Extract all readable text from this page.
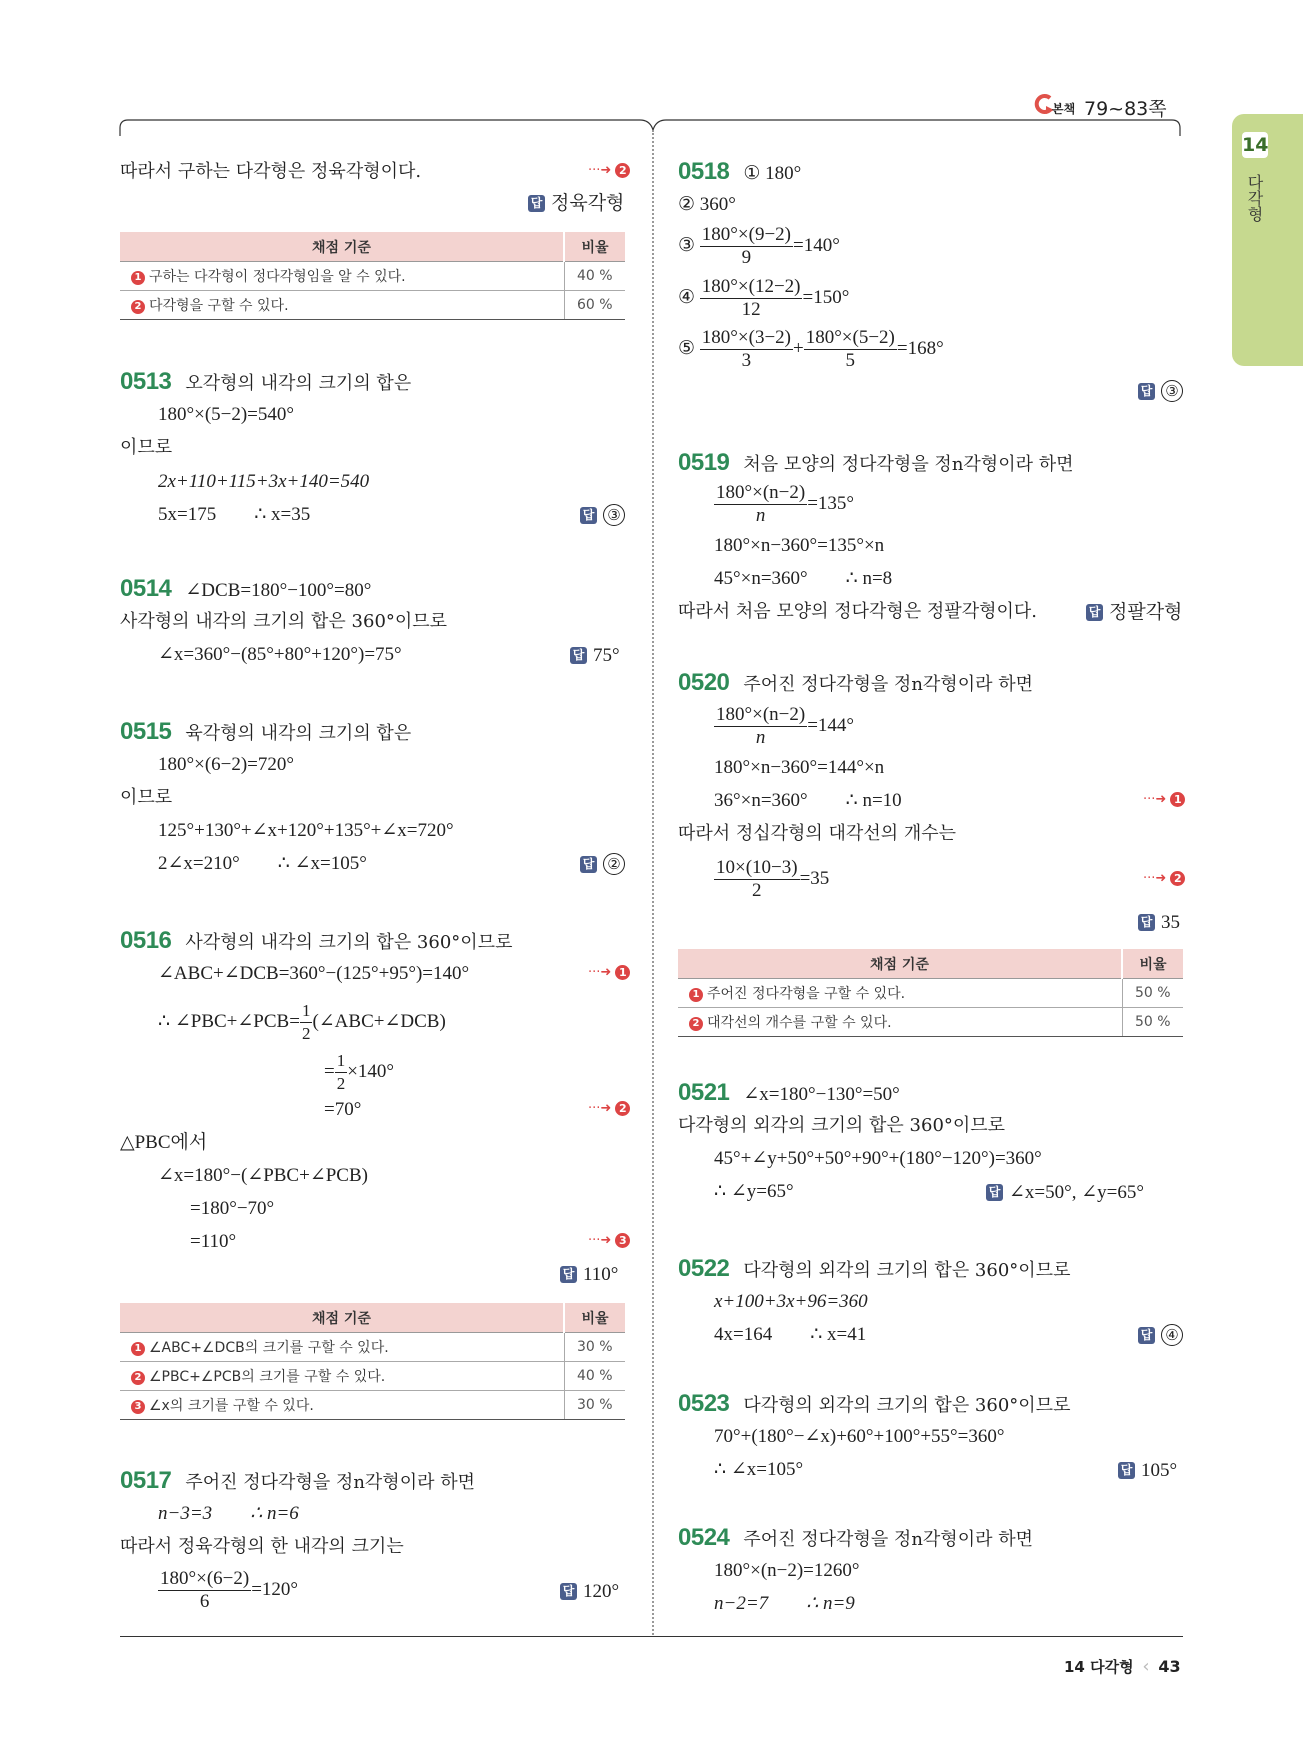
본책 79~83쪽
14
다각형
따라서 구하는 다각형은 정육각형이다.	···➜ 2
답 정육각형
채점 기준	비율
1 구하는 다각형이 정다각형임을 알 수 있다.	40 %
2 다각형을 구할 수 있다.	60 %
0513 오각형의 내각의 크기의 합은
180°×(5−2)=540°
이므로
2x+110+115+3x+140=540
5x=175        ∴ x=35	답 ③
0514 ∠DCB=180°−100°=80°
사각형의 내각의 크기의 합은 360°이므로
∠x=360°−(85°+80°+120°)=75°	답 75°
0515 육각형의 내각의 크기의 합은
180°×(6−2)=720°
이므로
125°+130°+∠x+120°+135°+∠x=720°
2∠x=210°        ∴ ∠x=105°	답 ②
0516 사각형의 내각의 크기의 합은 360°이므로
∠ABC+∠DCB=360°−(125°+95°)=140°	···➜ 1
∴ ∠PBC+∠PCB= $\frac{1}{2}$ (∠ABC+∠DCB)
= $\frac{1}{2} \times 140^\circ$
=70°	···➜ 2
△PBC에서
∠x=180°−(∠PBC+∠PCB)
=180°−70°
=110°	···➜ 3
답 110°
채점 기준	비율
1 ∠ABC+∠DCB의 크기를 구할 수 있다.	30 %
2 ∠PBC+∠PCB의 크기를 구할 수 있다.	40 %
3 ∠x의 크기를 구할 수 있다.	30 %
0517 주어진 정다각형을 정n각형이라 하면
n−3=3        ∴ n=6
따라서 정육각형의 한 내각의 크기는
$\frac{180^\circ\times(6-2)}{6} =120^\circ$	답 120°
0518 ① 180°
② 360°
③ $\frac{180^\circ\times(9-2)}{9} =140^\circ$
④ $\frac{180^\circ\times(12-2)}{12} =150^\circ$
⑤ $\frac{180^\circ\times(3-2)}{3} + \frac{180^\circ\times(5-2)}{5} =168^\circ$
답 ③
0519 처음 모양의 정다각형을 정n각형이라 하면
$\frac{180^\circ\times(n-2)}{n} =135^\circ$
180°×n−360°=135°×n
45°×n=360°        ∴ n=8
따라서 처음 모양의 정다각형은 정팔각형이다.	답 정팔각형
0520 주어진 정다각형을 정n각형이라 하면
$\frac{180^\circ\times(n-2)}{n} =144^\circ$
180°×n−360°=144°×n
36°×n=360°        ∴ n=10	···➜ 1
따라서 정십각형의 대각선의 개수는
$\frac{10\times(10-3)}{2} =35$	···➜ 2
답 35
채점 기준	비율
1 주어진 정다각형을 구할 수 있다.	50 %
2 대각선의 개수를 구할 수 있다.	50 %
0521 ∠x=180°−130°=50°
다각형의 외각의 크기의 합은 360°이므로
45°+∠y+50°+50°+90°+(180°−120°)=360°
∴ ∠y=65°	답 ∠x=50°, ∠y=65°
0522 다각형의 외각의 크기의 합은 360°이므로
x+100+3x+96=360
4x=164        ∴ x=41	답 ④
0523 다각형의 외각의 크기의 합은 360°이므로
70°+(180°−∠x)+60°+100°+55°=360°
∴ ∠x=105°	답 105°
0524 주어진 정다각형을 정n각형이라 하면
180°×(n−2)=1260°
n−2=7        ∴ n=9
14 다각형 ‹ 43
